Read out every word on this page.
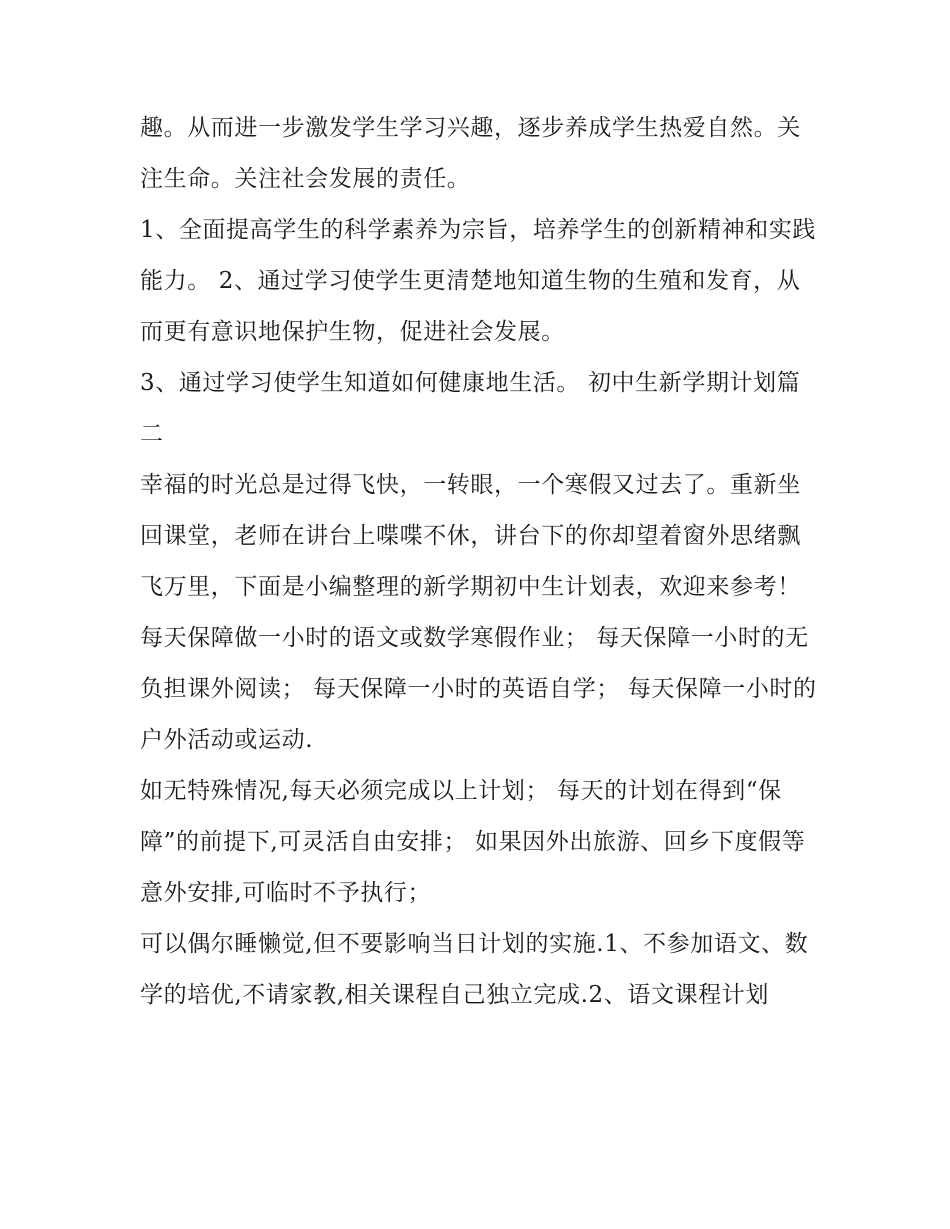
趣。从而进一步激发学生学习兴趣，逐步养成学生热爱自然。关注生命。关注社会发展的责任。

1、全面提高学生的科学素养为宗旨，培养学生的创新精神和实践能力。 2、通过学习使学生更清楚地知道生物的生殖和发育，从而更有意识地保护生物，促进社会发展。

3、通过学习使学生知道如何健康地生活。 初中生新学期计划篇二

幸福的时光总是过得飞快，一转眼，一个寒假又过去了。重新坐回课堂，老师在讲台上喋喋不休，讲台下的你却望着窗外思绪飘飞万里，下面是小编整理的新学期初中生计划表，欢迎来参考！

每天保障做一小时的语文或数学寒假作业； 每天保障一小时的无负担课外阅读； 每天保障一小时的英语自学； 每天保障一小时的户外活动或运动.

如无特殊情况,每天必须完成以上计划； 每天的计划在得到“保障”的前提下,可灵活自由安排； 如果因外出旅游、回乡下度假等意外安排,可临时不予执行；

可以偶尔睡懒觉,但不要影响当日计划的实施.1、不参加语文、数学的培优,不请家教,相关课程自己独立完成.2、语文课程计划
